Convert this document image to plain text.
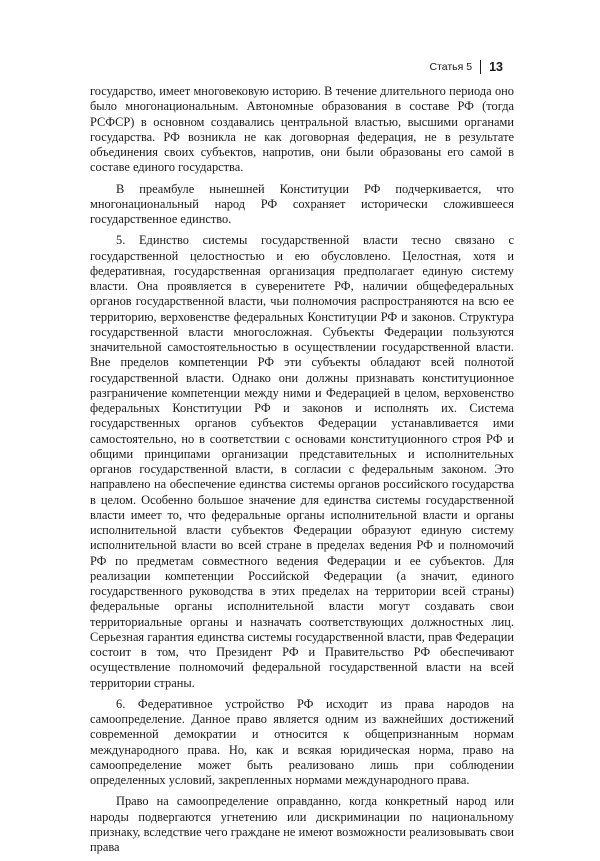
Статья 5 13

государство, имеет многовековую историю. В течение длительного периода оно было многонациональным. Автономные образования в составе РФ (тогда РСФСР) в основном создавались центральной властью, высшими органами государства. РФ возникла не как договорная федерация, не в результате объединения своих субъектов, напротив, они были образованы его самой в составе единого государства.

В преамбуле нынешней Конституции РФ подчеркивается, что многонациональный народ РФ сохраняет исторически сложившееся государственное единство.

5. Единство системы государственной власти тесно связано с государственной целостностью и ею обусловлено. Целостная, хотя и федеративная, государственная организация предполагает единую систему власти. Она проявляется в суверенитете РФ, наличии общефедеральных органов государственной власти, чьи полномочия распространяются на всю ее территорию, верховенстве федеральных Конституции РФ и законов. Структура государственной власти многосложная. Субъекты Федерации пользуются значительной самостоятельностью в осуществлении государственной власти. Вне пределов компетенции РФ эти субъекты обладают всей полнотой государственной власти. Однако они должны признавать конституционное разграничение компетенции между ними и Федерацией в целом, верховенство федеральных Конституции РФ и законов и исполнять их. Система государственных органов субъектов Федерации устанавливается ими самостоятельно, но в соответствии с основами конституционного строя РФ и общими принципами организации представительных и исполнительных органов государственной власти, в согласии с федеральным законом. Это направлено на обеспечение единства системы органов российского государства в целом. Особенно большое значение для единства системы государственной власти имеет то, что федеральные органы исполнительной власти и органы исполнительной власти субъектов Федерации образуют единую систему исполнительной власти во всей стране в пределах ведения РФ и полномочий РФ по предметам совместного ведения Федерации и ее субъектов. Для реализации компетенции Российской Федерации (а значит, единого государственного руководства в этих пределах на территории всей страны) федеральные органы исполнительной власти могут создавать свои территориальные органы и назначать соответствующих должностных лиц. Серьезная гарантия единства системы государственной власти, прав Федерации состоит в том, что Президент РФ и Правительство РФ обеспечивают осуществление полномочий федеральной государственной власти на всей территории страны.

6. Федеративное устройство РФ исходит из права народов на самоопределение. Данное право является одним из важнейших достижений современной демократии и относится к общепризнанным нормам международного права. Но, как и всякая юридическая норма, право на самоопределение может быть реализовано лишь при соблюдении определенных условий, закрепленных нормами международного права.

Право на самоопределение оправданно, когда конкретный народ или народы подвергаются угнетению или дискриминации по национальному признаку, вследствие чего граждане не имеют возможности реализовывать свои права
